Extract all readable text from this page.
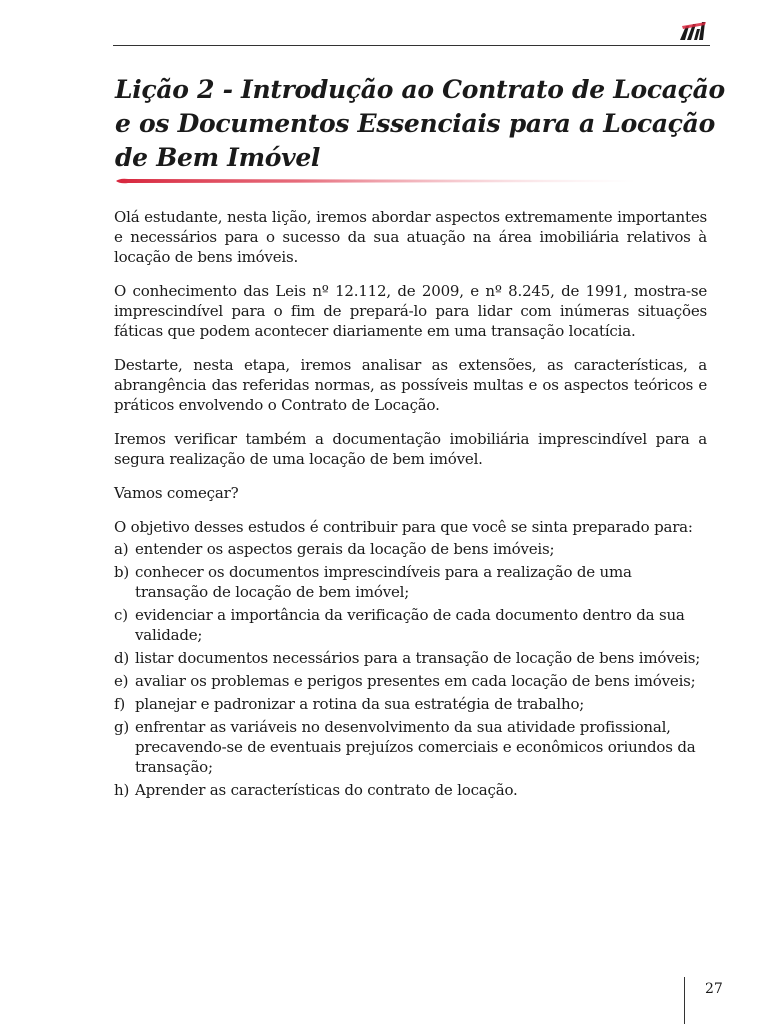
Lição 2 - Introdução ao Contrato de Locação e os Documentos Essenciais para a Locação de Bem Imóvel

Olá estudante, nesta lição, iremos abordar aspectos extremamente importantes e necessários para o sucesso da sua atuação na área imobiliária relativos à locação de bens imóveis.

O conhecimento das Leis nº 12.112, de 2009, e nº 8.245, de 1991, mostra-se imprescindível para o fim de prepará-lo para lidar com inúmeras situações fáticas que podem acontecer diariamente em uma transação locatícia.

Destarte, nesta etapa, iremos analisar as extensões, as características, a abrangência das referidas normas, as possíveis multas e os aspectos teóricos e práticos envolvendo o Contrato de Locação.

Iremos verificar também a documentação imobiliária imprescindível para a segura realização de uma locação de bem imóvel.

Vamos começar?

O objetivo desses estudos é contribuir para que você se sinta preparado para:

a) entender os aspectos gerais da locação de bens imóveis;
b) conhecer os documentos imprescindíveis para a realização de uma transação de locação de bem imóvel;
c) evidenciar a importância da verificação de cada documento dentro da sua validade;
d) listar documentos necessários para a transação de locação de bens imóveis;
e) avaliar os problemas e perigos presentes em cada locação de bens imóveis;
f) planejar e padronizar a rotina da sua estratégia de trabalho;
g) enfrentar as variáveis no desenvolvimento da sua atividade profissional, precavendo-se de eventuais prejuízos comerciais e econômicos oriundos da transação;
h) Aprender as características do contrato de locação.
27
